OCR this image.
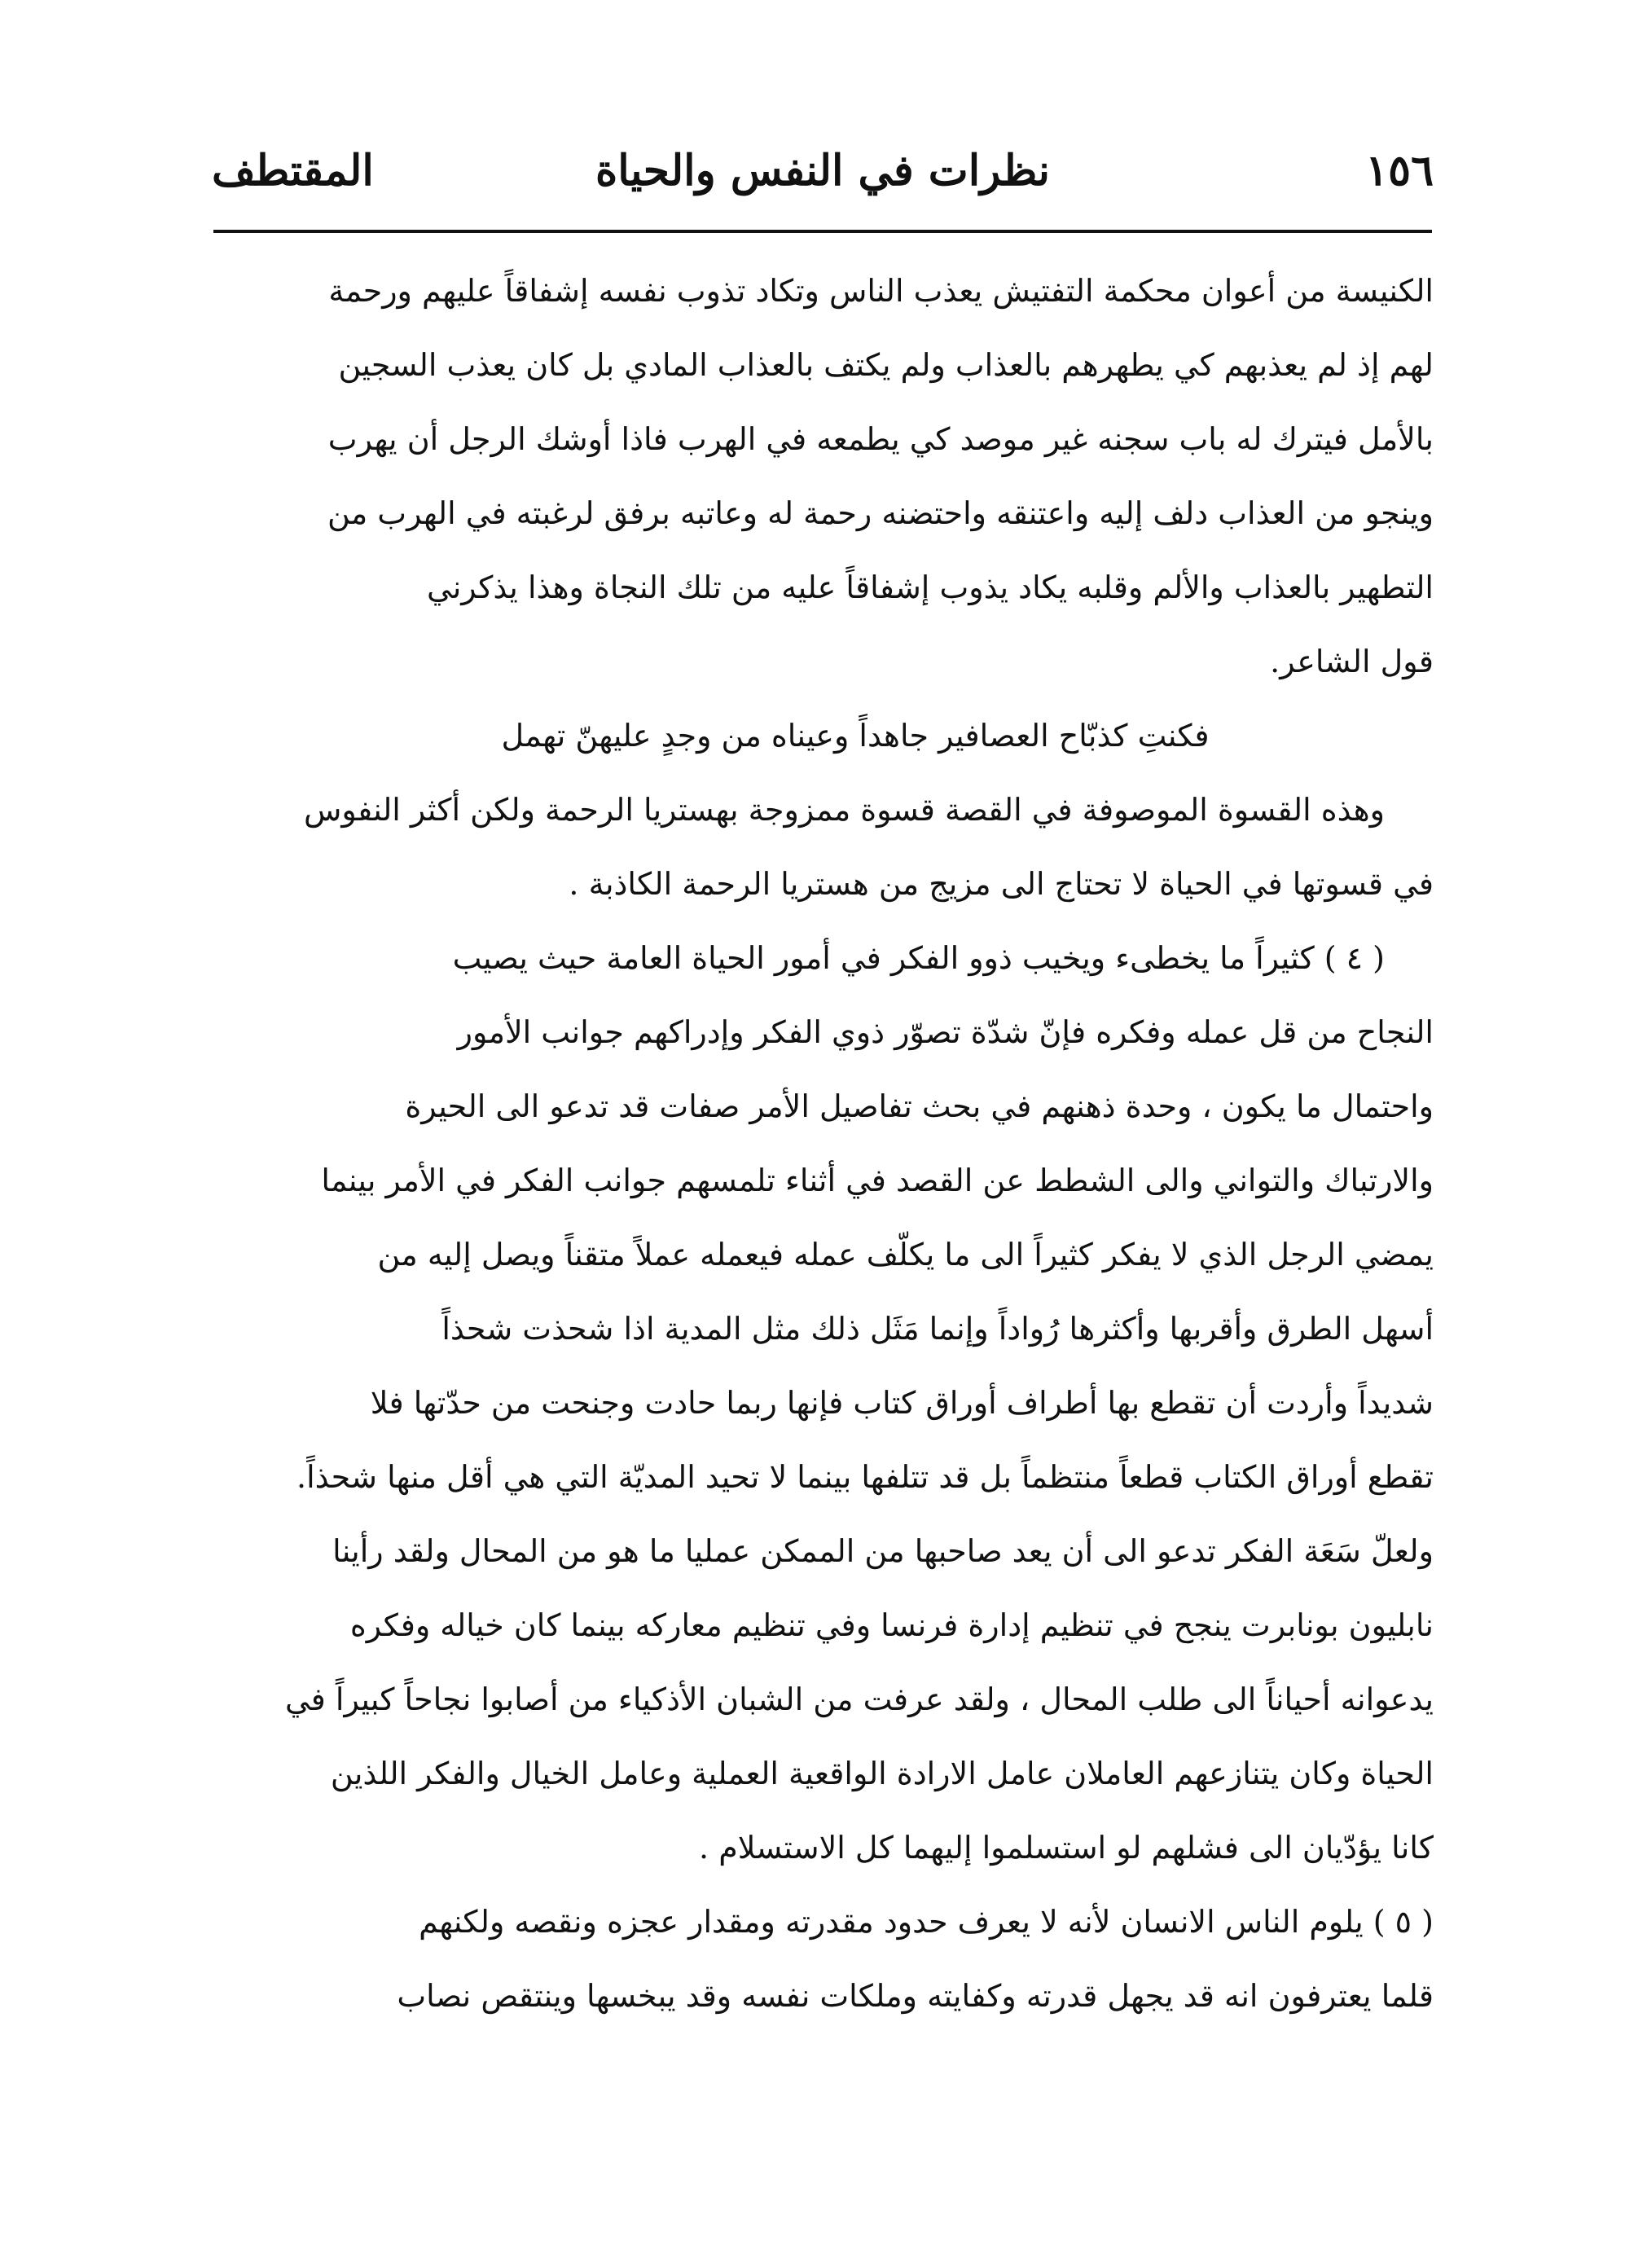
١٥٦
نظرات في النفس والحياة
المقتطف
الكنيسة من أعوان محكمة التفتيش يعذب الناس وتكاد تذوب نفسه إشفاقاً عليهم ورحمة
لهم إذ لم يعذبهم كي يطهرهم بالعذاب ولم يكتف بالعذاب المادي بل كان يعذب السجين
بالأمل فيترك له باب سجنه غير موصد كي يطمعه في الهرب فاذا أوشك الرجل أن يهرب
وينجو من العذاب دلف إليه واعتنقه واحتضنه رحمة له وعاتبه برفق لرغبته في الهرب من
التطهير بالعذاب والألم وقلبه يكاد يذوب إشفاقاً عليه من تلك النجاة وهذا يذكرني
قول الشاعر.
فكنتِ كذبّاح العصافير جاهداً وعيناه من وجدٍ عليهنّ تهمل
وهذه القسوة الموصوفة في القصة قسوة ممزوجة بهستريا الرحمة ولكن أكثر النفوس
في قسوتها في الحياة لا تحتاج الى مزيج من هستريا الرحمة الكاذبة .
( ٤ ) كثيراً ما يخطىء ويخيب ذوو الفكر في أمور الحياة العامة حيث يصيب
النجاح من قل عمله وفكره فإنّ شدّة تصوّر ذوي الفكر وإدراكهم جوانب الأمور
واحتمال ما يكون ، وحدة ذهنهم في بحث تفاصيل الأمر صفات قد تدعو الى الحيرة
والارتباك والتواني والى الشطط عن القصد في أثناء تلمسهم جوانب الفكر في الأمر بينما
يمضي الرجل الذي لا يفكر كثيراً الى ما يكلّف عمله فيعمله عملاً متقناً ويصل إليه من
أسهل الطرق وأقربها وأكثرها رُواداً وإنما مَثَل ذلك مثل المدية اذا شحذت شحذاً
شديداً وأردت أن تقطع بها أطراف أوراق كتاب فإنها ربما حادت وجنحت من حدّتها فلا
تقطع أوراق الكتاب قطعاً منتظماً بل قد تتلفها بينما لا تحيد المديّة التي هي أقل منها شحذاً.
ولعلّ سَعَة الفكر تدعو الى أن يعد صاحبها من الممكن عمليا ما هو من المحال ولقد رأينا
نابليون بونابرت ينجح في تنظيم إدارة فرنسا وفي تنظيم معاركه بينما كان خياله وفكره
يدعوانه أحياناً الى طلب المحال ، ولقد عرفت من الشبان الأذكياء من أصابوا نجاحاً كبيراً في
الحياة وكان يتنازعهم العاملان عامل الارادة الواقعية العملية وعامل الخيال والفكر اللذين
كانا يؤدّيان الى فشلهم لو استسلموا إليهما كل الاستسلام .
( ٥ ) يلوم الناس الانسان لأنه لا يعرف حدود مقدرته ومقدار عجزه ونقصه ولكنهم
قلما يعترفون انه قد يجهل قدرته وكفايته وملكات نفسه وقد يبخسها وينتقص نصاب
